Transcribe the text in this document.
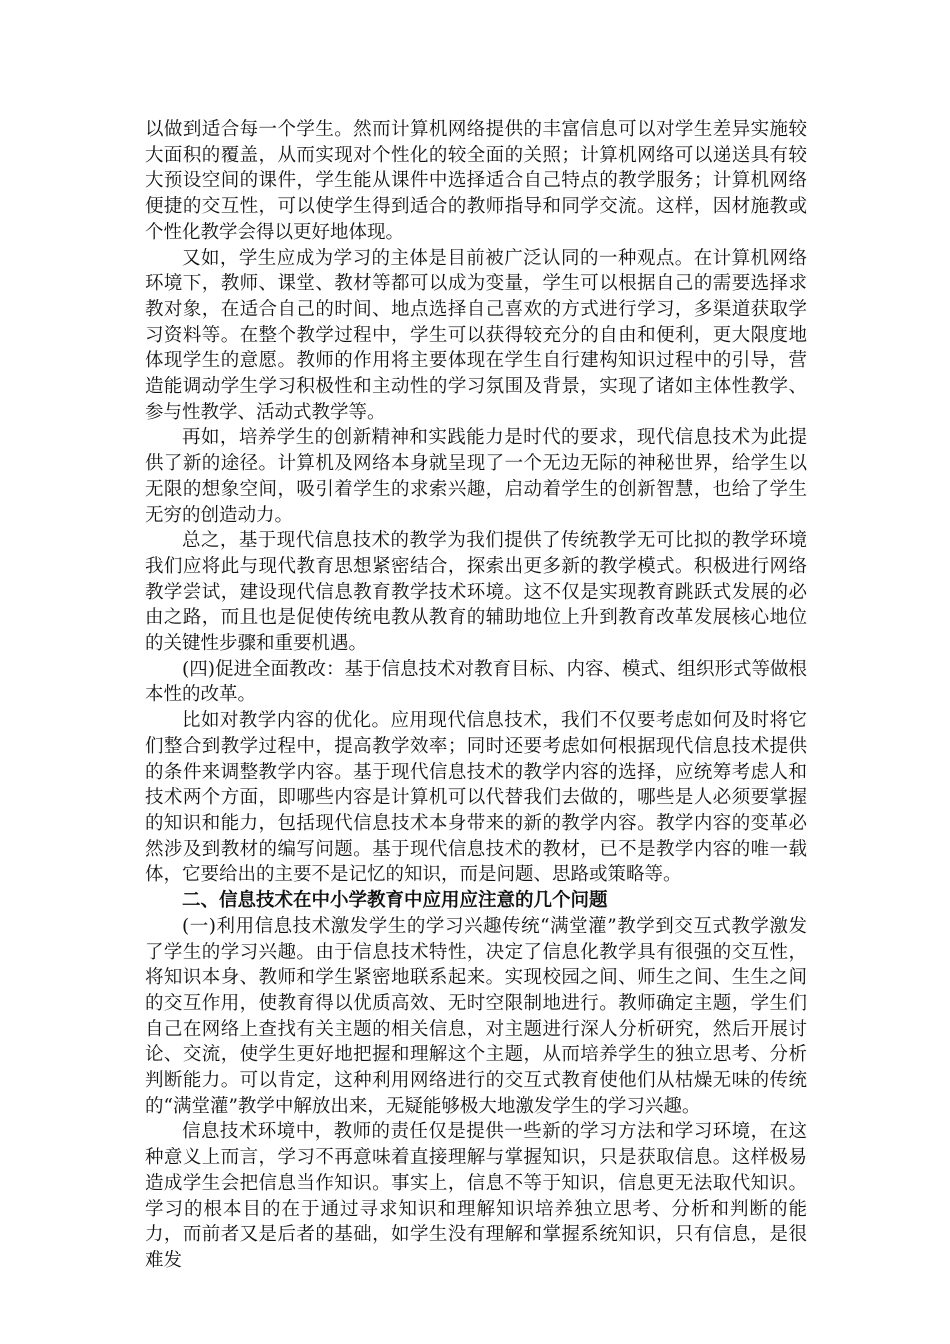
以做到适合每一个学生。然而计算机网络提供的丰富信息可以对学生差异实施较大面积的覆盖，从而实现对个性化的较全面的关照；计算机网络可以递送具有较大预设空间的课件，学生能从课件中选择适合自己特点的教学服务；计算机网络便捷的交互性，可以使学生得到适合的教师指导和同学交流。这样，因材施教或个性化教学会得以更好地体现。

又如，学生应成为学习的主体是目前被广泛认同的一种观点。在计算机网络环境下，教师、课堂、教材等都可以成为变量，学生可以根据自己的需要选择求教对象，在适合自己的时间、地点选择自己喜欢的方式进行学习，多渠道获取学习资料等。在整个教学过程中，学生可以获得较充分的自由和便利，更大限度地体现学生的意愿。教师的作用将主要体现在学生自行建构知识过程中的引导，营造能调动学生学习积极性和主动性的学习氛围及背景，实现了诸如主体性教学、参与性教学、活动式教学等。

再如，培养学生的创新精神和实践能力是时代的要求，现代信息技术为此提供了新的途径。计算机及网络本身就呈现了一个无边无际的神秘世界，给学生以无限的想象空间，吸引着学生的求索兴趣，启动着学生的创新智慧，也给了学生无穷的创造动力。

总之，基于现代信息技术的教学为我们提供了传统教学无可比拟的教学环境我们应将此与现代教育思想紧密结合，探索出更多新的教学模式。积极进行网络教学尝试，建设现代信息教育教学技术环境。这不仅是实现教育跳跃式发展的必由之路，而且也是促使传统电教从教育的辅助地位上升到教育改革发展核心地位的关键性步骤和重要机遇。

(四)促进全面教改：基于信息技术对教育目标、内容、模式、组织形式等做根本性的改革。

比如对教学内容的优化。应用现代信息技术，我们不仅要考虑如何及时将它们整合到教学过程中，提高教学效率；同时还要考虑如何根据现代信息技术提供的条件来调整教学内容。基于现代信息技术的教学内容的选择，应统筹考虑人和技术两个方面，即哪些内容是计算机可以代替我们去做的，哪些是人必须要掌握的知识和能力，包括现代信息技术本身带来的新的教学内容。教学内容的变革必然涉及到教材的编写问题。基于现代信息技术的教材，已不是教学内容的唯一载体，它要给出的主要不是记忆的知识，而是问题、思路或策略等。

二、信息技术在中小学教育中应用应注意的几个问题

(一)利用信息技术激发学生的学习兴趣传统“满堂灌”教学到交互式教学激发了学生的学习兴趣。由于信息技术特性，决定了信息化教学具有很强的交互性，将知识本身、教师和学生紧密地联系起来。实现校园之间、师生之间、生生之间的交互作用，使教育得以优质高效、无时空限制地进行。教师确定主题，学生们自己在网络上查找有关主题的相关信息，对主题进行深人分析研究，然后开展讨论、交流，使学生更好地把握和理解这个主题，从而培养学生的独立思考、分析判断能力。可以肯定，这种利用网络进行的交互式教育使他们从枯燥无味的传统的“满堂灌”教学中解放出来，无疑能够极大地激发学生的学习兴趣。

信息技术环境中，教师的责任仅是提供一些新的学习方法和学习环境，在这种意义上而言，学习不再意味着直接理解与掌握知识，只是获取信息。这样极易造成学生会把信息当作知识。事实上，信息不等于知识，信息更无法取代知识。学习的根本目的在于通过寻求知识和理解知识培养独立思考、分析和判断的能力，而前者又是后者的基础，如学生没有理解和掌握系统知识，只有信息，是很难发
